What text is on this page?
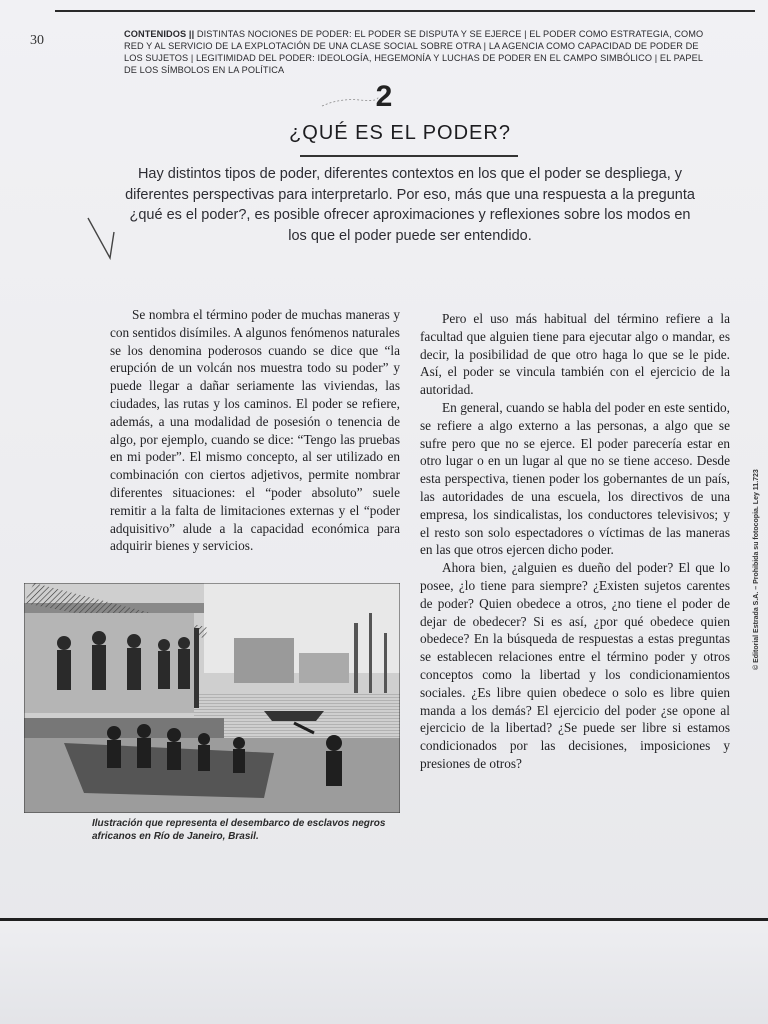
30	CONTENIDOS || DISTINTAS NOCIONES DE PODER: EL PODER SE DISPUTA Y SE EJERCE | EL PODER COMO ESTRATEGIA, COMO RED Y AL SERVICIO DE LA EXPLOTACIÓN DE UNA CLASE SOCIAL SOBRE OTRA | LA AGENCIA COMO CAPACIDAD DE PODER DE LOS SUJETOS | LEGITIMIDAD DEL PODER: IDEOLOGÍA, HEGEMONÍA Y LUCHAS DE PODER EN EL CAMPO SIMBÓLICO | EL PAPEL DE LOS SÍMBOLOS EN LA POLÍTICA
2
¿QUÉ ES EL PODER?
Hay distintos tipos de poder, diferentes contextos en los que el poder se despliega, y diferentes perspectivas para interpretarlo. Por eso, más que una respuesta a la pregunta ¿qué es el poder?, es posible ofrecer aproximaciones y reflexiones sobre los modos en los que el poder puede ser entendido.

Se nombra el término poder de muchas maneras y con sentidos disímiles. A algunos fenómenos naturales se los denomina poderosos cuando se dice que “la erupción de un volcán nos muestra todo su poder” y puede llegar a dañar seriamente las viviendas, las ciudades, las rutas y los caminos. El poder se refiere, además, a una modalidad de posesión o tenencia de algo, por ejemplo, cuando se dice: “Tengo las pruebas en mi poder”. El mismo concepto, al ser utilizado en combinación con ciertos adjetivos, permite nombrar diferentes situaciones: el “poder absoluto” suele remitir a la falta de limitaciones externas y el “poder adquisitivo” alude a la capacidad económica para adquirir bienes y servicios.

Pero el uso más habitual del término refiere a la facultad que alguien tiene para ejecutar algo o mandar, es decir, la posibilidad de que otro haga lo que se le pide. Así, el poder se vincula también con el ejercicio de la autoridad.

En general, cuando se habla del poder en este sentido, se refiere a algo externo a las personas, a algo que se sufre pero que no se ejerce. El poder parecería estar en otro lugar o en un lugar al que no se tiene acceso. Desde esta perspectiva, tienen poder los gobernantes de un país, las autoridades de una escuela, los directivos de una empresa, los sindicalistas, los conductores televisivos; y el resto son solo espectadores o víctimas de las maneras en las que otros ejercen dicho poder.

Ahora bien, ¿alguien es dueño del poder? El que lo posee, ¿lo tiene para siempre? ¿Existen sujetos carentes de poder? Quien obedece a otros, ¿no tiene el poder de dejar de obedecer? Si es así, ¿por qué obedece quien obedece? En la búsqueda de respuestas a estas preguntas se establecen relaciones entre el término poder y otros conceptos como la libertad y los condicionamientos sociales. ¿Es libre quien obedece o solo es libre quien manda a los demás? El ejercicio del poder ¿se opone al ejercicio de la libertad? ¿Se puede ser libre si estamos condicionados por las decisiones, imposiciones y presiones de otros?

Ilustración que representa el desembarco de esclavos negros africanos en Río de Janeiro, Brasil.
© Editorial Estrada S.A. – Prohibida su fotocopia. Ley 11.723
